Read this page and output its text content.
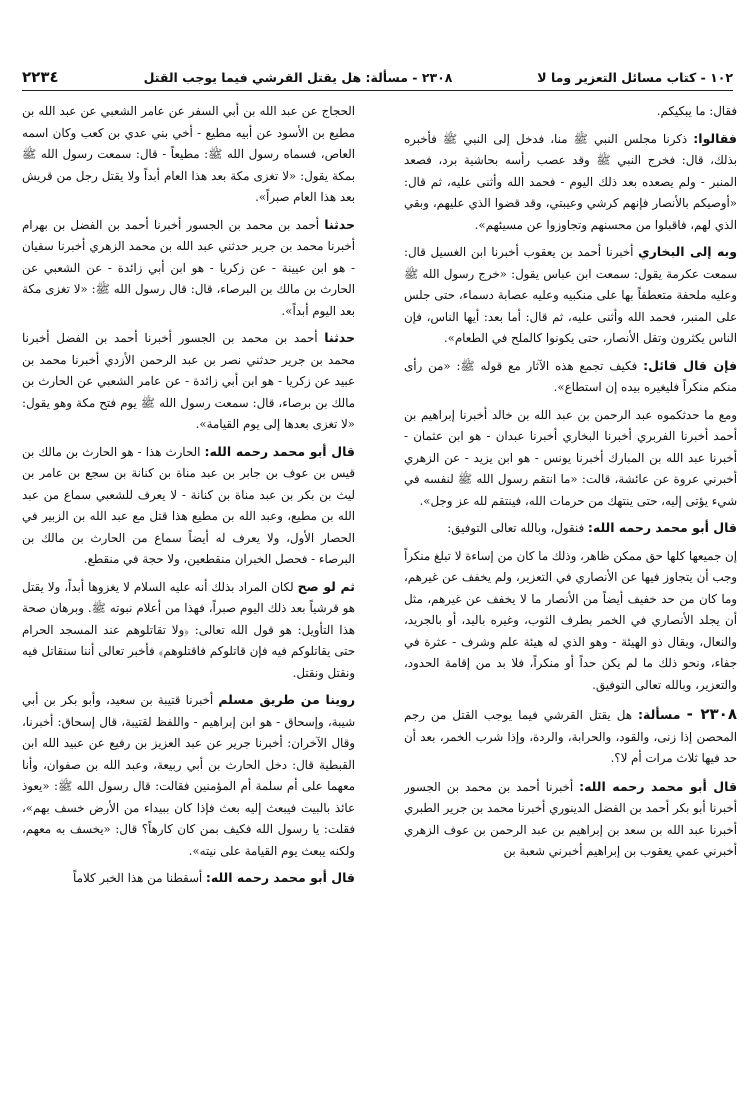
١٠٢ - كتاب مسائل التعزير وما لا
٢٣٠٨ - مسألة: هل يقتل القرشي فيما يوجب القتل
٢٢٣٤

فقال: ما يبكيكم.

فقالوا: ذكرنا مجلس النبي ﷺ منا، فدخل إلى النبي ﷺ فأخبره بذلك، قال: فخرج النبي ﷺ وقد عصب رأسه بحاشية برد، فصعد المنبر - ولم يصعده بعد ذلك اليوم - فحمد الله وأثنى عليه، ثم قال: «أوصيكم بالأنصار فإنهم كرشي وعيبتي، وقد قضوا الذي عليهم، وبقي الذي لهم، فاقبلوا من محسنهم وتجاوزوا عن مسيئهم».

وبه إلى البخاري أخبرنا أحمد بن يعقوب أخبرنا ابن الغسيل قال: سمعت عكرمة يقول: سمعت ابن عباس يقول: «خرج رسول الله ﷺ وعليه ملحفة متعطفاً بها على منكبيه وعليه عصابة دسماء، حتى جلس على المنبر، فحمد الله وأثنى عليه، ثم قال: أما بعد: أيها الناس، فإن الناس يكثرون وتقل الأنصار، حتى يكونوا كالملح في الطعام».

فإن قال قائل: فكيف تجمع هذه الآثار مع قوله ﷺ: «من رأى منكم منكراً فليغيره بيده إن استطاع».

ومع ما حدثكموه عبد الرحمن بن عبد الله بن خالد أخبرنا إبراهيم بن أحمد أخبرنا الفربري أخبرنا البخاري أخبرنا عبدان - هو ابن عثمان - أخبرنا عبد الله بن المبارك أخبرنا يونس - هو ابن يزيد - عن الزهري أخبرني عروة عن عائشة، قالت: «ما انتقم رسول الله ﷺ لنفسه في شيء يؤتى إليه، حتى ينتهك من حرمات الله، فينتقم لله عز وجل».

قال أبو محمد رحمه الله: فنقول، وبالله تعالى التوفيق:

إن جميعها كلها حق ممكن ظاهر، وذلك ما كان من إساءة لا تبلغ منكراً وجب أن يتجاوز فيها عن الأنصاري في التعزير، ولم يخفف عن غيرهم، وما كان من حد خفيف أيضاً من الأنصار ما لا يخفف عن غيرهم، مثل أن يجلد الأنصاري في الخمر بطرف الثوب، وغيره باليد، أو بالجريد، والنعال، ويقال ذو الهيئة - وهو الذي له هيئة علم وشرف - عثرة في جفاء، ونحو ذلك ما لم يكن حداً أو منكراً، فلا بد من إقامة الحدود، والتعزير، وبالله تعالى التوفيق.

٢٣٠٨ - مسألة: هل يقتل القرشي فيما يوجب القتل من رجم المحصن إذا زنى، والقود، والحرابة، والردة، وإذا شرب الخمر، بعد أن حد فيها ثلاث مرات أم لا؟.

قال أبو محمد رحمه الله: أخبرنا أحمد بن محمد بن الجسور أخبرنا أبو بكر أحمد بن الفضل الدينوري أخبرنا محمد بن جرير الطبري أخبرنا عبد الله بن سعد بن إبراهيم بن عبد الرحمن بن عوف الزهري أخبرني عمي يعقوب بن إبراهيم أخبرني شعبة بن

الحجاج عن عبد الله بن أبي السفر عن عامر الشعبي عن عبد الله بن مطيع بن الأسود عن أبيه مطيع - أخي بني عدي بن كعب وكان اسمه العاص، فسماه رسول الله ﷺ: مطيعاً - قال: سمعت رسول الله ﷺ بمكة يقول: «لا تغزى مكة بعد هذا العام أبداً ولا يقتل رجل من قريش بعد هذا العام صبراً».

حدثنا أحمد بن محمد بن الجسور أخبرنا أحمد بن الفضل بن بهرام أخبرنا محمد بن جرير حدثني عبد الله بن محمد الزهري أخبرنا سفيان - هو ابن عيينة - عن زكريا - هو ابن أبي زائدة - عن الشعبي عن الحارث بن مالك بن البرصاء، قال: قال رسول الله ﷺ: «لا تغزى مكة بعد اليوم أبداً».

حدثنا أحمد بن محمد بن الجسور أخبرنا أحمد بن الفضل أخبرنا محمد بن جرير حدثني نصر بن عبد الرحمن الأزدي أخبرنا محمد بن عبيد عن زكريا - هو ابن أبي زائدة - عن عامر الشعبي عن الحارث بن مالك بن برصاء، قال: سمعت رسول الله ﷺ يوم فتح مكة وهو يقول: «لا تغزى بعدها إلى يوم القيامة».

قال أبو محمد رحمه الله: الحارث هذا - هو الحارث بن مالك بن قيس بن عوف بن جابر بن عبد مناة بن كنانة بن سجع بن عامر بن ليث بن بكر بن عبد مناة بن كنانة - لا يعرف للشعبي سماع من عبد الله بن مطيع، وعبد الله بن مطيع هذا قتل مع عبد الله بن الزبير في الحصار الأول، ولا يعرف له أيضاً سماع من الحارث بن مالك بن البرصاء - فحصل الخبران منقطعين، ولا حجة في منقطع.

ثم لو صح لكان المراد بذلك أنه عليه السلام لا يغزوها أبداً، ولا يقتل هو قرشياً بعد ذلك اليوم صبراً، فهذا من أعلام نبوته ﷺ. وبرهان صحة هذا التأويل: هو قول الله تعالى: ﴿ولا تقاتلوهم عند المسجد الحرام حتى يقاتلوكم فيه فإن قاتلوكم فاقتلوهم﴾ فأخبر تعالى أننا سنقاتل فيه ونقتل ونقتل.

روينا من طريق مسلم أخبرنا قتيبة بن سعيد، وأبو بكر بن أبي شيبة، وإسحاق - هو ابن إبراهيم - واللفظ لقتيبة، قال إسحاق: أخبرنا، وقال الآخران: أخبرنا جرير عن عبد العزيز بن رفيع عن عبيد الله ابن القبطية قال: دخل الحارث بن أبي ربيعة، وعبد الله بن صفوان، وأنا معهما على أم سلمة أم المؤمنين فقالت: قال رسول الله ﷺ: «يعوذ عائذ بالبيت فيبعث إليه بعث فإذا كان ببيداء من الأرض خسف بهم»، فقلت: يا رسول الله فكيف بمن كان كارهاً؟ قال: «يخسف به معهم، ولكنه يبعث يوم القيامة على نيته».

قال أبو محمد رحمه الله: أسقطنا من هذا الخبر كلاماً
